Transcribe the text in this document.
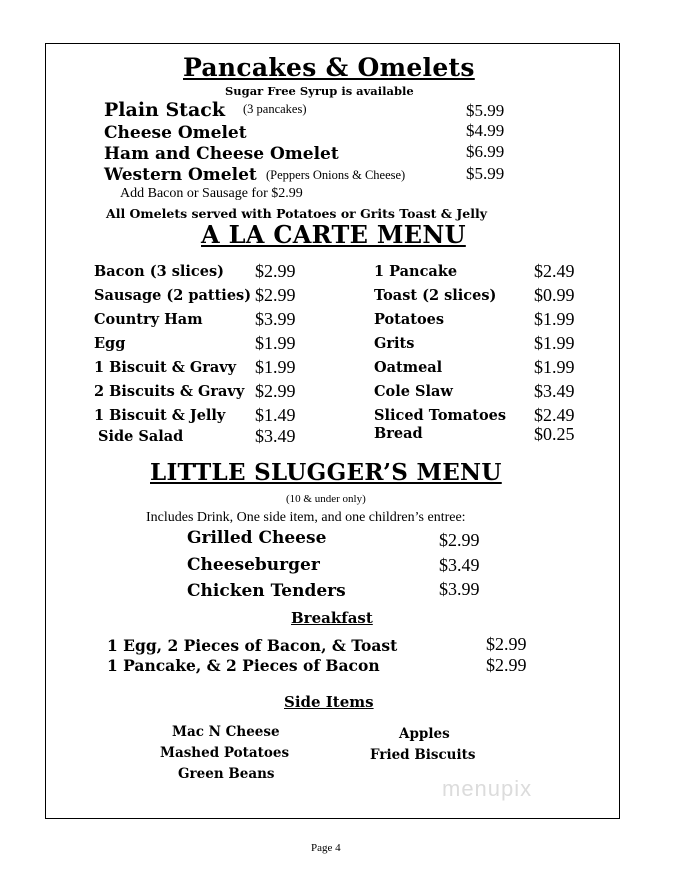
Pancakes & Omelets
Sugar Free Syrup is available
Plain Stack (3 pancakes)	$5.99
Cheese Omelet	$4.99
Ham and Cheese Omelet	$6.99
Western Omelet (Peppers Onions & Cheese)	$5.99
Add Bacon or Sausage for $2.99
All Omelets served with Potatoes or Grits Toast & Jelly
A LA CARTE MENU
Bacon (3 slices) $2.99
Sausage (2 patties) $2.99
Country Ham	$3.99
Egg	$1.99
1 Biscuit & Gravy $1.99
2 Biscuits & Gravy $2.99
1 Biscuit & Jelly $1.49
Side Salad	$3.49
1 Pancake	$2.49
Toast (2 slices) $0.99
Potatoes	$1.99
Grits	$1.99
Oatmeal	$1.99
Cole Slaw	$3.49
Sliced Tomatoes $2.49
Bread	$0.25
LITTLE SLUGGER’S MENU
(10 & under only)
Includes Drink, One side item, and one children’s entree:
Grilled Cheese	$2.99
Cheeseburger	$3.49
Chicken Tenders	$3.99
Breakfast
1 Egg, 2 Pieces of Bacon, & Toast	$2.99
1 Pancake, & 2 Pieces of Bacon	$2.99
Side Items
Mac N Cheese
Mashed Potatoes
Green Beans
Apples
Fried Biscuits
menupix
Page 4
